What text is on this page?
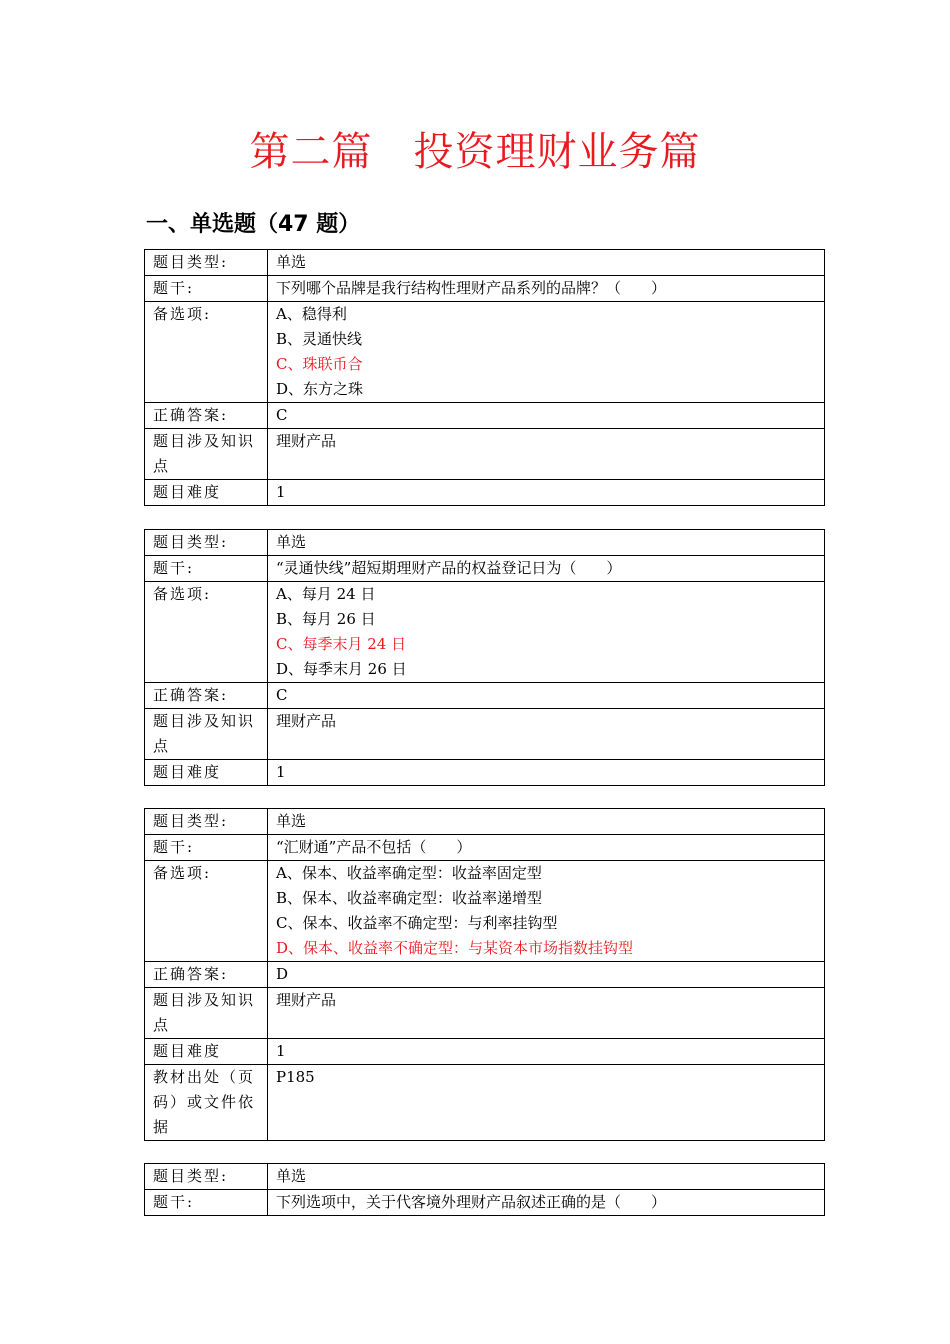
第二篇　投资理财业务篇
一、单选题（47 题）
题目类型:	单选
题干:	下列哪个品牌是我行结构性理财产品系列的品牌？（　　）
备选项:	A、稳得利
B、灵通快线
C、珠联币合
D、东方之珠

正确答案:	C
题目涉及知识点	理财产品
题目难度	1
题目类型:	单选
题干:	“灵通快线”超短期理财产品的权益登记日为（　　）
备选项:	A、每月 24 日
B、每月 26 日
C、每季末月 24 日
D、每季末月 26 日

正确答案:	C
题目涉及知识点	理财产品
题目难度	1
题目类型:	单选
题干:	“汇财通”产品不包括（　　）
备选项:	A、保本、收益率确定型：收益率固定型
B、保本、收益率确定型：收益率递增型
C、保本、收益率不确定型：与利率挂钩型
D、保本、收益率不确定型：与某资本市场指数挂钩型

正确答案:	D
题目涉及知识点	理财产品
题目难度	1
教材出处（页码）或文件依据	P185
题目类型:	单选
题干:	下列选项中，关于代客境外理财产品叙述正确的是（　　）
